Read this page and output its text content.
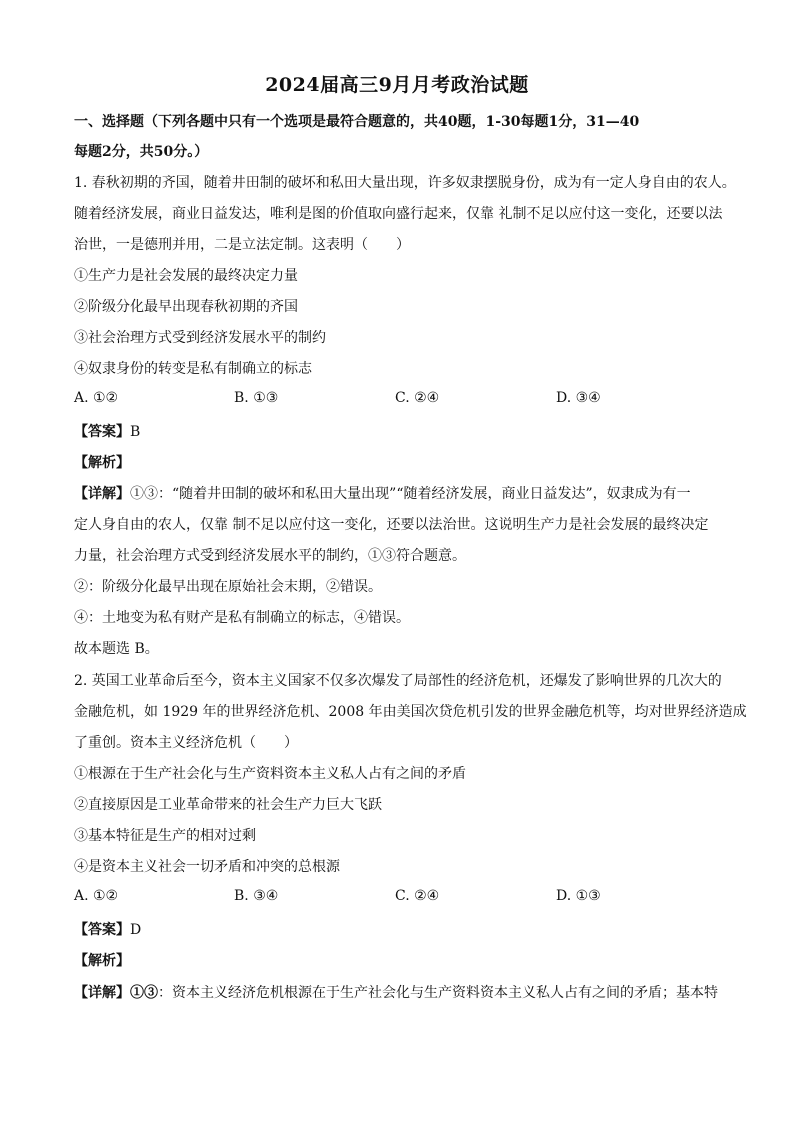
2024届高三9月月考政治试题
一、选择题（下列各题中只有一个选项是最符合题意的，共40题，1-30每题1分，31—40
每题2分，共50分。）
1. 春秋初期的齐国，随着井田制的破坏和私田大量出现，许多奴隶摆脱身份，成为有一定人身自由的农人。
随着经济发展，商业日益发达，唯利是图的价值取向盛行起来，仅靠 礼制不足以应付这一变化，还要以法
治世，一是德刑并用，二是立法定制。这表明（　　）
①生产力是社会发展的最终决定力量
②阶级分化最早出现春秋初期的齐国
③社会治理方式受到经济发展水平的制约
④奴隶身份的转变是私有制确立的标志
A. ①②	B. ①③	C. ②④	D. ③④
【答案】B
【解析】
【详解】①③：“随着井田制的破坏和私田大量出现”“随着经济发展，商业日益发达”，奴隶成为有一
定人身自由的农人，仅靠 制不足以应付这一变化，还要以法治世。这说明生产力是社会发展的最终决定
力量，社会治理方式受到经济发展水平的制约，①③符合题意。
②：阶级分化最早出现在原始社会末期，②错误。
④：土地变为私有财产是私有制确立的标志，④错误。
故本题选 B。
2. 英国工业革命后至今，资本主义国家不仅多次爆发了局部性的经济危机，还爆发了影响世界的几次大的
金融危机，如 1929 年的世界经济危机、2008 年由美国次贷危机引发的世界金融危机等，均对世界经济造成
了重创。资本主义经济危机（　　）
①根源在于生产社会化与生产资料资本主义私人占有之间的矛盾
②直接原因是工业革命带来的社会生产力巨大飞跃
③基本特征是生产的相对过剩
④是资本主义社会一切矛盾和冲突的总根源
A. ①②	B. ③④	C. ②④	D. ①③
【答案】D
【解析】
【详解】①③：资本主义经济危机根源在于生产社会化与生产资料资本主义私人占有之间的矛盾；基本特
